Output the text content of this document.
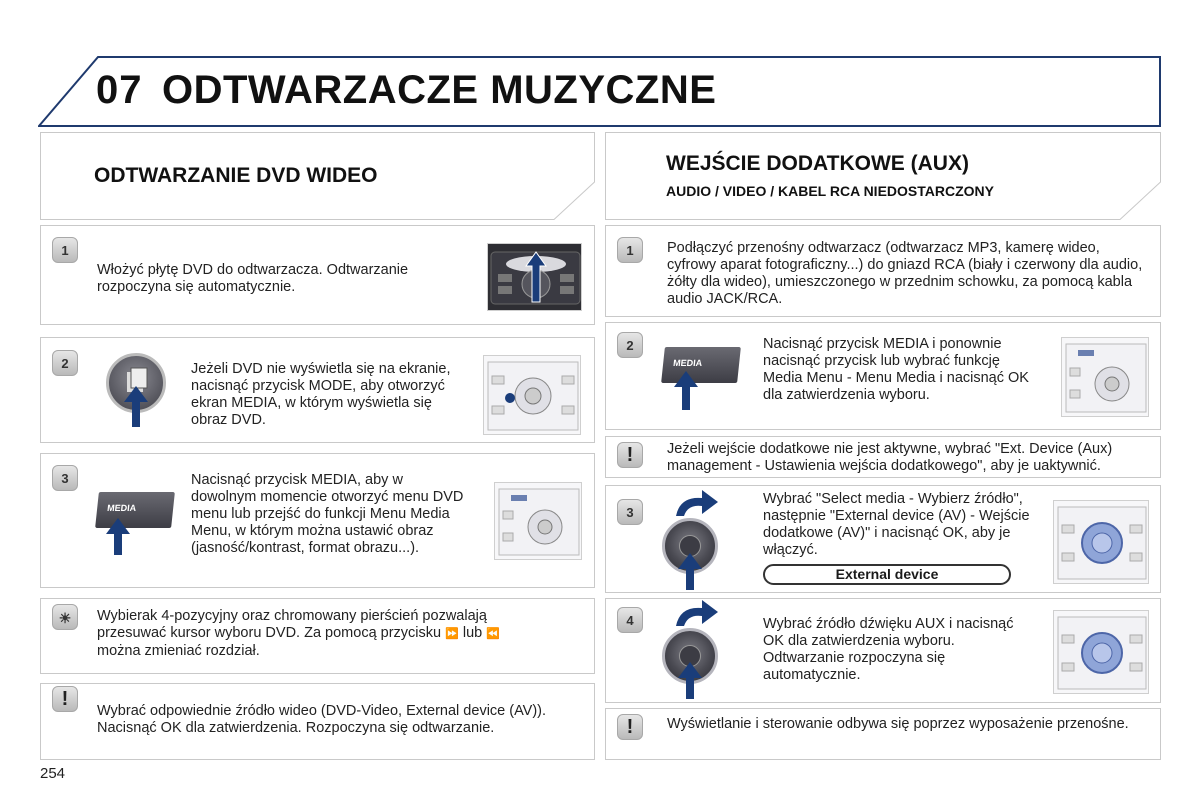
07 ODTWARZACZE MUZYCZNE
ODTWARZANIE DVD WIDEO
WEJŚCIE DODATKOWE (AUX)
AUDIO / VIDEO / KABEL RCA NIEDOSTARCZONY
1
Włożyć płytę DVD do odtwarzacza. Odtwarzanie rozpoczyna się automatycznie.
2	Jeżeli DVD nie wyświetla się na ekranie, nacisnąć przycisk MODE, aby otworzyć ekran MEDIA, w którym wyświetla się obraz DVD.
3
MEDIA
Nacisnąć przycisk MEDIA, aby w dowolnym momencie otworzyć menu DVD menu lub przejść do funkcji Menu Media Menu, w którym można ustawić obraz (jasność/kontrast, format obrazu...).
☀	Wybierak 4-pozycyjny oraz chromowany pierścień pozwalają
przesuwać kursor wyboru DVD. Za pomocą przycisku ⏩ lub ⏪
można zmieniać rozdział.
!
Wybrać odpowiednie źródło wideo (DVD-Video, External device (AV)). Nacisnąć OK dla zatwierdzenia. Rozpoczyna się odtwarzanie.
1	Podłączyć przenośny odtwarzacz (odtwarzacz MP3, kamerę wideo, cyfrowy aparat fotograficzny...) do gniazd RCA (biały i czerwony dla audio, żółty dla wideo), umieszczonego w przednim schowku, za pomocą kabla audio JACK/RCA.
2
MEDIA
Nacisnąć przycisk MEDIA i ponownie nacisnąć przycisk lub wybrać funkcję Media Menu - Menu Media i nacisnąć OK dla zatwierdzenia wyboru.
!	Jeżeli wejście dodatkowe nie jest aktywne, wybrać "Ext. Device (Aux) management - Ustawienia wejścia dodatkowego", aby je uaktywnić.
3
Wybrać "Select media - Wybierz źródło", następnie "External device (AV) - Wejście dodatkowe (AV)" i nacisnąć OK, aby je włączyć.
External device
4	Wybrać źródło dźwięku AUX i nacisnąć OK dla zatwierdzenia wyboru. Odtwarzanie rozpoczyna się automatycznie.
!	Wyświetlanie i sterowanie odbywa się poprzez wyposażenie przenośne.
254
